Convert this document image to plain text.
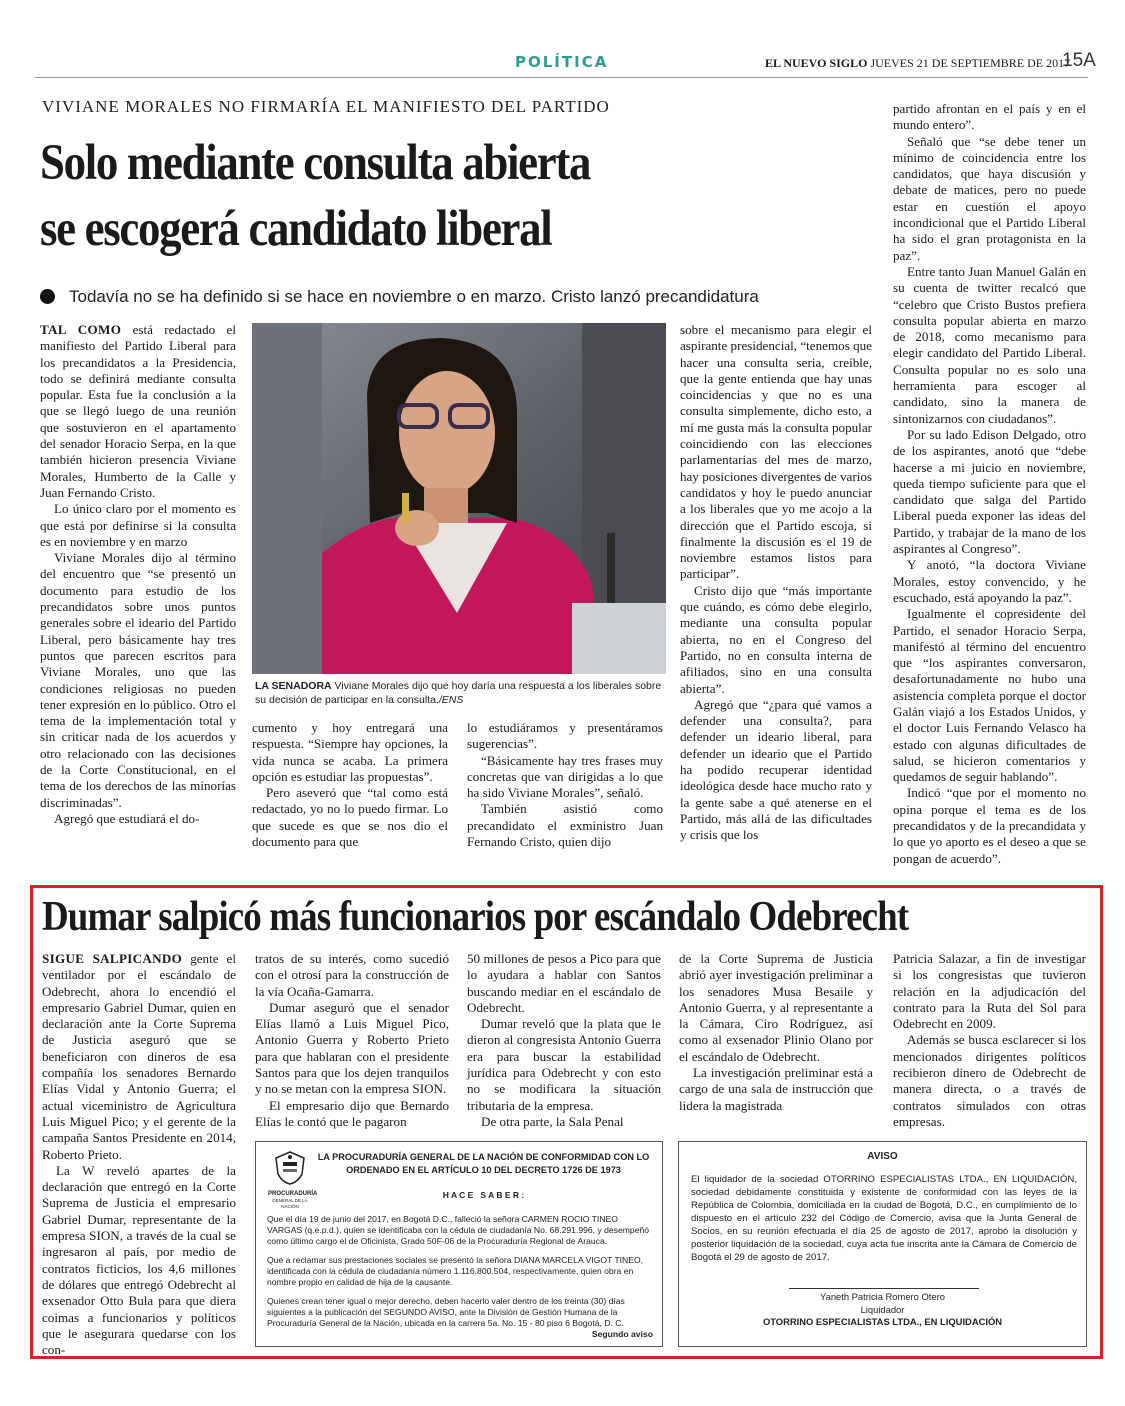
POLÍTICA	EL NUEVO SIGLO JUEVES 21 DE SEPTIEMBRE DE 2017
15A
VIVIANE MORALES NO FIRMARÍA EL MANIFIESTO DEL PARTIDO
Solo mediante consulta abierta
se escogerá candidato liberal
Todavía no se ha definido si se hace en noviembre o en marzo. Cristo lanzó precandidatura

TAL COMO está redactado el manifiesto del Partido Liberal para los precandidatos a la Presidencia, todo se definirá mediante consulta popular. Esta fue la conclusión a la que se llegó luego de una reunión que sostuvieron en el apartamento del senador Horacio Serpa, en la que también hicieron presencia Viviane Morales, Humberto de la Calle y Juan Fernando Cristo.

Lo único claro por el momento es que está por definirse si la consulta es en noviembre y en marzo

Viviane Morales dijo al término del encuentro que “se presentó un documento para estudio de los precandidatos sobre unos puntos generales sobre el ideario del Partido Liberal, pero básicamente hay tres puntos que parecen escritos para Viviane Morales, uno que las condiciones religiosas no pueden tener expresión en lo público. Otro el tema de la implementación total y sin criticar nada de los acuerdos y otro relacionado con las decisiones de la Corte Constitucional, en el tema de los derechos de las minorías discriminadas”.

Agregó que estudiará el do-

LA SENADORA Viviane Morales dijo que hoy daría una respuesta a los liberales sobre su decisión de participar en la consulta./ENS

cumento y hoy entregará una respuesta. “Siempre hay opciones, la vida nunca se acaba. La primera opción es estudiar las propuestas”.

Pero aseveró que “tal como está redactado, yo no lo puedo firmar. Lo que sucede es que se nos dio el documento para que

lo estudiáramos y presentáramos sugerencias”.

“Básicamente hay tres frases muy concretas que van dirigidas a lo que ha sido Viviane Morales”, señaló.

También asistió como precandidato el exministro Juan Fernando Cristo, quien dijo

sobre el mecanismo para elegir el aspirante presidencial, “tenemos que hacer una consulta seria, creíble, que la gente entienda que hay unas coincidencias y que no es una consulta simplemente, dicho esto, a mí me gusta más la consulta popular coincidiendo con las elecciones parlamentarias del mes de marzo, hay posiciones divergentes de varios candidatos y hoy le puedo anunciar a los liberales que yo me acojo a la dirección que el Partido escoja, si finalmente la discusión es el 19 de noviembre estamos listos para participar”.

Cristo dijo que “más importante que cuándo, es cómo debe elegirlo, mediante una consulta popular abierta, no en el Congreso del Partido, no en consulta interna de afiliados, sino en una consulta abierta”.

Agregó que “¿para qué vamos a defender una consulta?, para defender un ideario liberal, para defender un ideario que el Partido ha podido recuperar identidad ideológica desde hace mucho rato y la gente sabe a qué atenerse en el Partido, más allá de las dificultades y crisis que los

partido afrontan en el país y en el mundo entero”.

Señaló que “se debe tener un mínimo de coincidencia entre los candidatos, que haya discusión y debate de matices, pero no puede estar en cuestión el apoyo incondicional que el Partido Liberal ha sido el gran protagonista en la paz”.

Entre tanto Juan Manuel Galán en su cuenta de twitter recalcó que “celebro que Cristo Bustos prefiera consulta popular abierta en marzo de 2018, como mecanismo para elegir candidato del Partido Liberal. Consulta popular no es solo una herramienta para escoger al candidato, sino la manera de sintonizarnos con ciudadanos”.

Por su lado Edison Delgado, otro de los aspirantes, anotó que “debe hacerse a mi juicio en noviembre, queda tiempo suficiente para que el candidato que salga del Partido Liberal pueda exponer las ideas del Partido, y trabajar de la mano de los aspirantes al Congreso”.

Y anotó, “la doctora Viviane Morales, estoy convencido, y he escuchado, está apoyando la paz”.

Igualmente el copresidente del Partido, el senador Horacio Serpa, manifestó al término del encuentro que “los aspirantes conversaron, desafortunadamente no hubo una asistencia completa porque el doctor Galán viajó a los Estados Unidos, y el doctor Luis Fernando Velasco ha estado con algunas dificultades de salud, se hicieron comentarios y quedamos de seguir hablando”.

Indicó “que por el momento no opina porque el tema es de los precandidatos y de la precandidata y lo que yo aporto es el deseo a que se pongan de acuerdo”.

Dumar salpicó más funcionarios por escándalo Odebrecht

SIGUE SALPICANDO gente el ventilador por el escándalo de Odebrecht, ahora lo encendió el empresario Gabriel Dumar, quien en declaración ante la Corte Suprema de Justicia aseguró que se beneficiaron con dineros de esa compañía los senadores Bernardo Elías Vidal y Antonio Guerra; el actual viceministro de Agricultura Luis Miguel Pico; y el gerente de la campaña Santos Presidente en 2014, Roberto Prieto.

La W reveló apartes de la declaración que entregó en la Corte Suprema de Justicia el empresario Gabriel Dumar, representante de la empresa SION, a través de la cual se ingresaron al país, por medio de contratos ficticios, los 4,6 millones de dólares que entregó Odebrecht al exsenador Otto Bula para que diera coimas a funcionarios y políticos que le asegurara quedarse con los con-

tratos de su interés, como sucedió con el otrosí para la construcción de la vía Ocaña-Gamarra.

Dumar aseguró que el senador Elías llamó a Luis Miguel Pico, Antonio Guerra y Roberto Prieto para que hablaran con el presidente Santos para que los dejen tranquilos y no se metan con la empresa SION.

El empresario dijo que Bernardo Elías le contó que le pagaron

50 millones de pesos a Pico para que lo ayudara a hablar con Santos buscando mediar en el escándalo de Odebrecht.

Dumar reveló que la plata que le dieron al congresista Antonio Guerra era para buscar la estabilidad jurídica para Odebrecht y con esto no se modificara la situación tributaria de la empresa.

De otra parte, la Sala Penal

de la Corte Suprema de Justicia abrió ayer investigación preliminar a los senadores Musa Besaile y Antonio Guerra, y al representante a la Cámara, Ciro Rodríguez, así como al exsenador Plinio Olano por el escándalo de Odebrecht.

La investigación preliminar está a cargo de una sala de instrucción que lidera la magistrada

Patricia Salazar, a fin de investigar si los congresistas que tuvieron relación en la adjudicación del contrato para la Ruta del Sol para Odebrecht en 2009.

Además se busca esclarecer si los mencionados dirigentes políticos recibieron dinero de Odebrecht de manera directa, o a través de contratos simulados con otras empresas.

PROCURADURÍA
GENERAL DE LA NACIÓN
LA PROCURADURÍA GENERAL DE LA NACIÓN DE CONFORMIDAD CON LO
ORDENADO EN EL ARTÍCULO 10 DEL DECRETO 1726 DE 1973
H A C E   S A B E R :
Que el día 19 de junio del 2017, en Bogotá D.C., falleció la señora CARMEN ROCIO TINEO VARGAS (q.e.p.d.), quien se identificaba con la cédula de ciudadanía No. 68.291.996, y desempeñó como último cargo el de Oficinista, Grado 50F-06 de la Procuraduría Regional de Arauca.
Que a reclamar sus prestaciones sociales se presentó la señora DIANA MARCELA VIGOT TINEO, identificada con la cédula de ciudadanía número 1.116.800.504, respectivamente, quien obra en nombre propio en calidad de hija de la causante.
Quienes crean tener igual o mejor derecho, deben hacerlo valer dentro de los treinta (30) días siguientes a la publicación del SEGUNDO AVISO, ante la División de Gestión Humana de la Procuraduría General de la Nación, ubicada en la carrera 5a. No. 15 - 80 piso 6 Bogotá, D. C.
Segundo aviso
AVISO
El liquidador de la sociedad OTORRINO ESPECIALISTAS LTDA., EN LIQUIDACIÓN, sociedad debidamente constituida y existente de conformidad con las leyes de la República de Colombia, domiciliada en la ciudad de Bogotá, D.C., en cumplimiento de lo dispuesto en el artículo 232 del Código de Comercio, avisa que la Junta General de Socios, en su reunión efectuada el día 25 de agosto de 2017, aprobó la disolución y posterior liquidación de la sociedad, cuya acta fue inscrita ante la Cámara de Comercio de Bogotá el 29 de agosto de 2017.
Yaneth Patricia Romero Otero
Liquidador
OTORRINO ESPECIALISTAS LTDA., EN LIQUIDACIÓN
